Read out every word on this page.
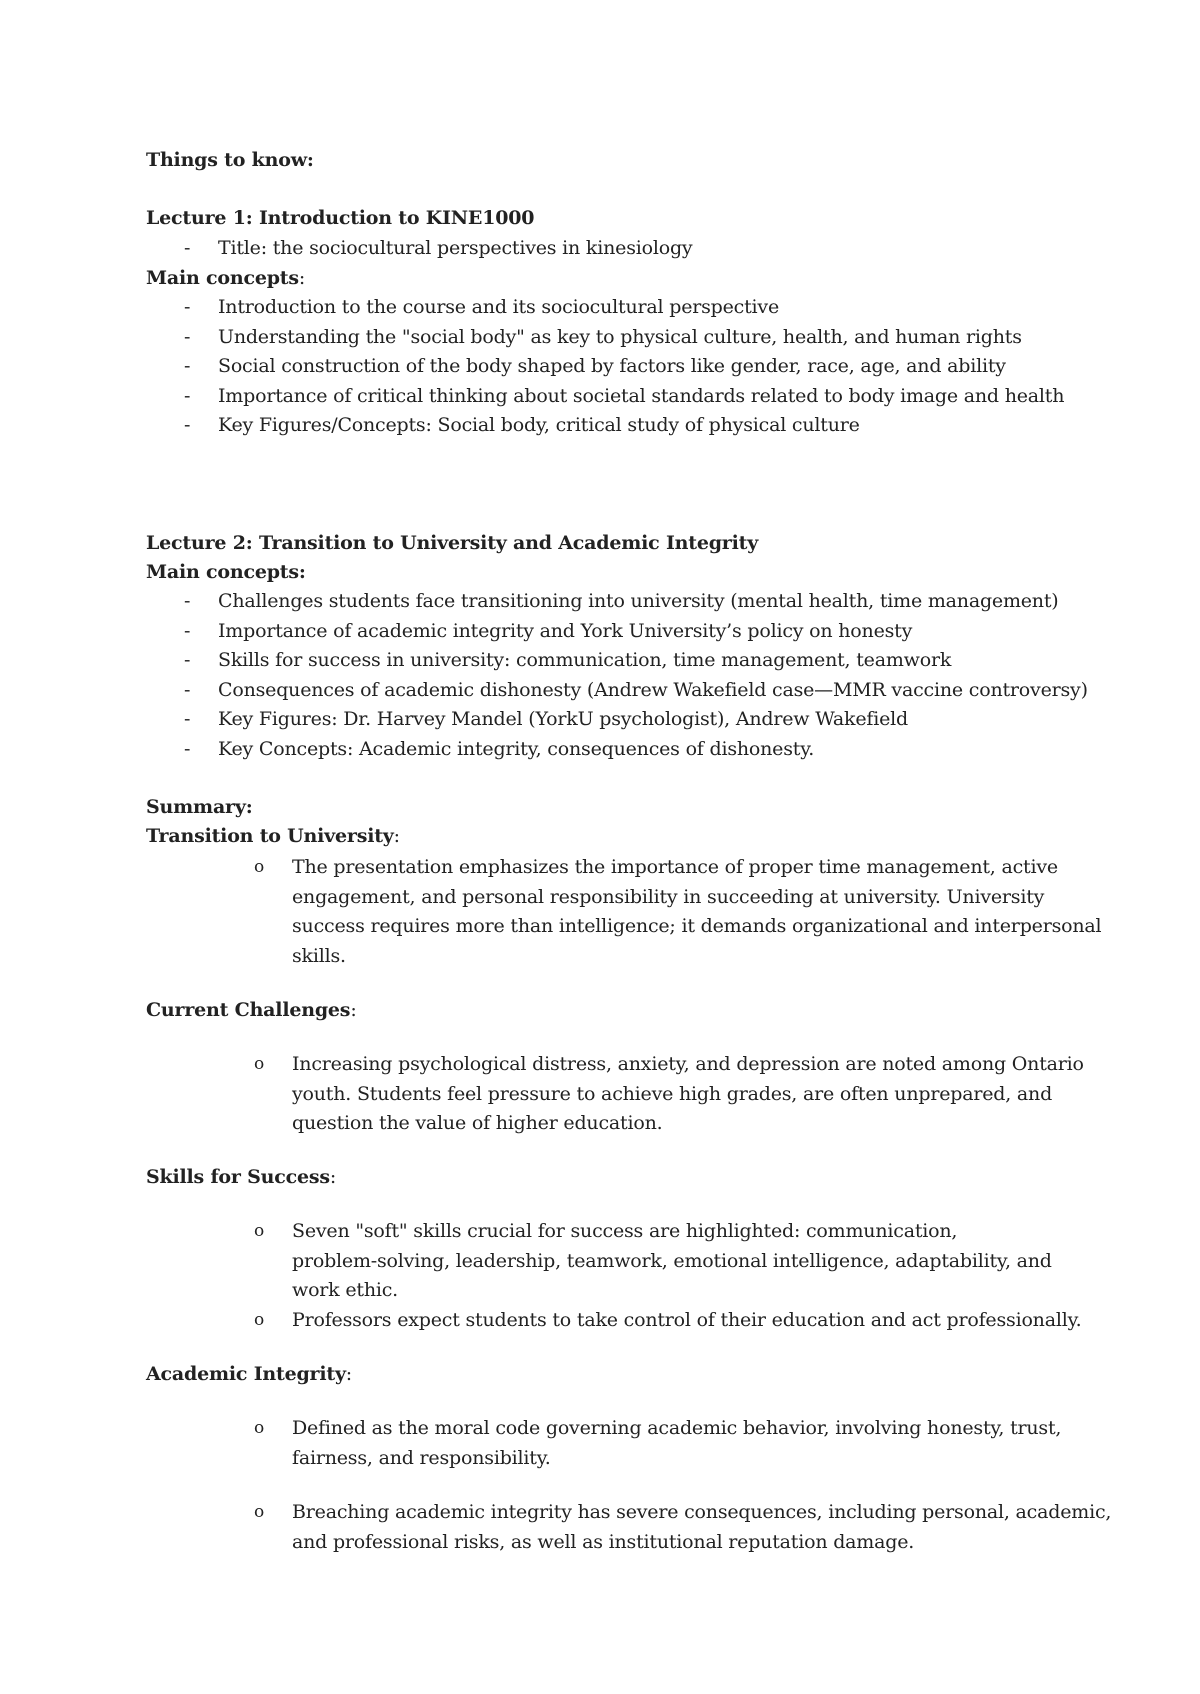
Things to know:
Lecture 1: Introduction to KINE1000
- Title: the sociocultural perspectives in kinesiology
Main concepts:
- Introduction to the course and its sociocultural perspective
- Understanding the "social body" as key to physical culture, health, and human rights
- Social construction of the body shaped by factors like gender, race, age, and ability
- Importance of critical thinking about societal standards related to body image and health
- Key Figures/Concepts: Social body, critical study of physical culture
Lecture 2: Transition to University and Academic Integrity
Main concepts:
- Challenges students face transitioning into university (mental health, time management)
- Importance of academic integrity and York University’s policy on honesty
- Skills for success in university: communication, time management, teamwork
- Consequences of academic dishonesty (Andrew Wakefield case—MMR vaccine controversy)
- Key Figures: Dr. Harvey Mandel (YorkU psychologist), Andrew Wakefield
- Key Concepts: Academic integrity, consequences of dishonesty.
Summary:
Transition to University:
o The presentation emphasizes the importance of proper time management, active
engagement, and personal responsibility in succeeding at university. University
success requires more than intelligence; it demands organizational and interpersonal
skills.
Current Challenges:
o Increasing psychological distress, anxiety, and depression are noted among Ontario
youth. Students feel pressure to achieve high grades, are often unprepared, and
question the value of higher education.
Skills for Success:
o Seven "soft" skills crucial for success are highlighted: communication,
problem-solving, leadership, teamwork, emotional intelligence, adaptability, and
work ethic.
o Professors expect students to take control of their education and act professionally.
Academic Integrity:
o Defined as the moral code governing academic behavior, involving honesty, trust,
fairness, and responsibility.
o Breaching academic integrity has severe consequences, including personal, academic,
and professional risks, as well as institutional reputation damage.
